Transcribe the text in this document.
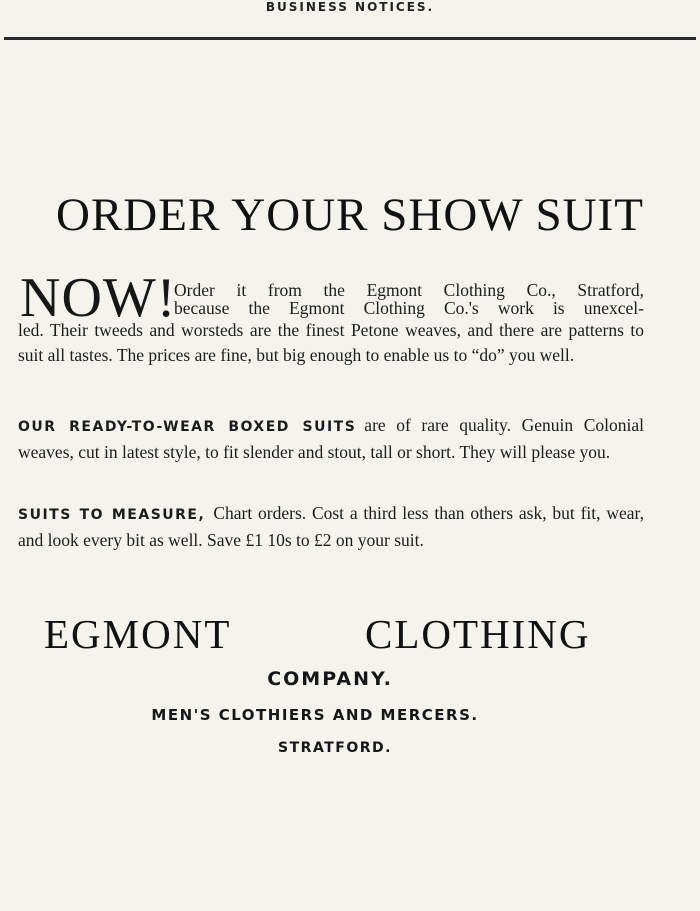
BUSINESS NOTICES.
ORDER YOUR SHOW SUIT
NOW!
Order it from the Egmont Clothing Co., Stratford,
because the Egmont Clothing Co.'s work is unexcel-
led. Their tweeds and worsteds are the finest Petone weaves, and there are patterns to suit all tastes. The prices are fine, but big enough to enable us to “do” you well.
OUR READY-TO-WEAR BOXED SUITS are of rare quality. Genuin Colonial weaves, cut in latest style, to fit slender and stout, tall or short. They will please you.
SUITS TO MEASURE, Chart orders. Cost a third less than others ask, but fit, wear, and look every bit as well. Save £1 10s to £2 on your suit.
EGMONT	CLOTHING
COMPANY.
MEN'S CLOTHIERS AND MERCERS.
STRATFORD.
